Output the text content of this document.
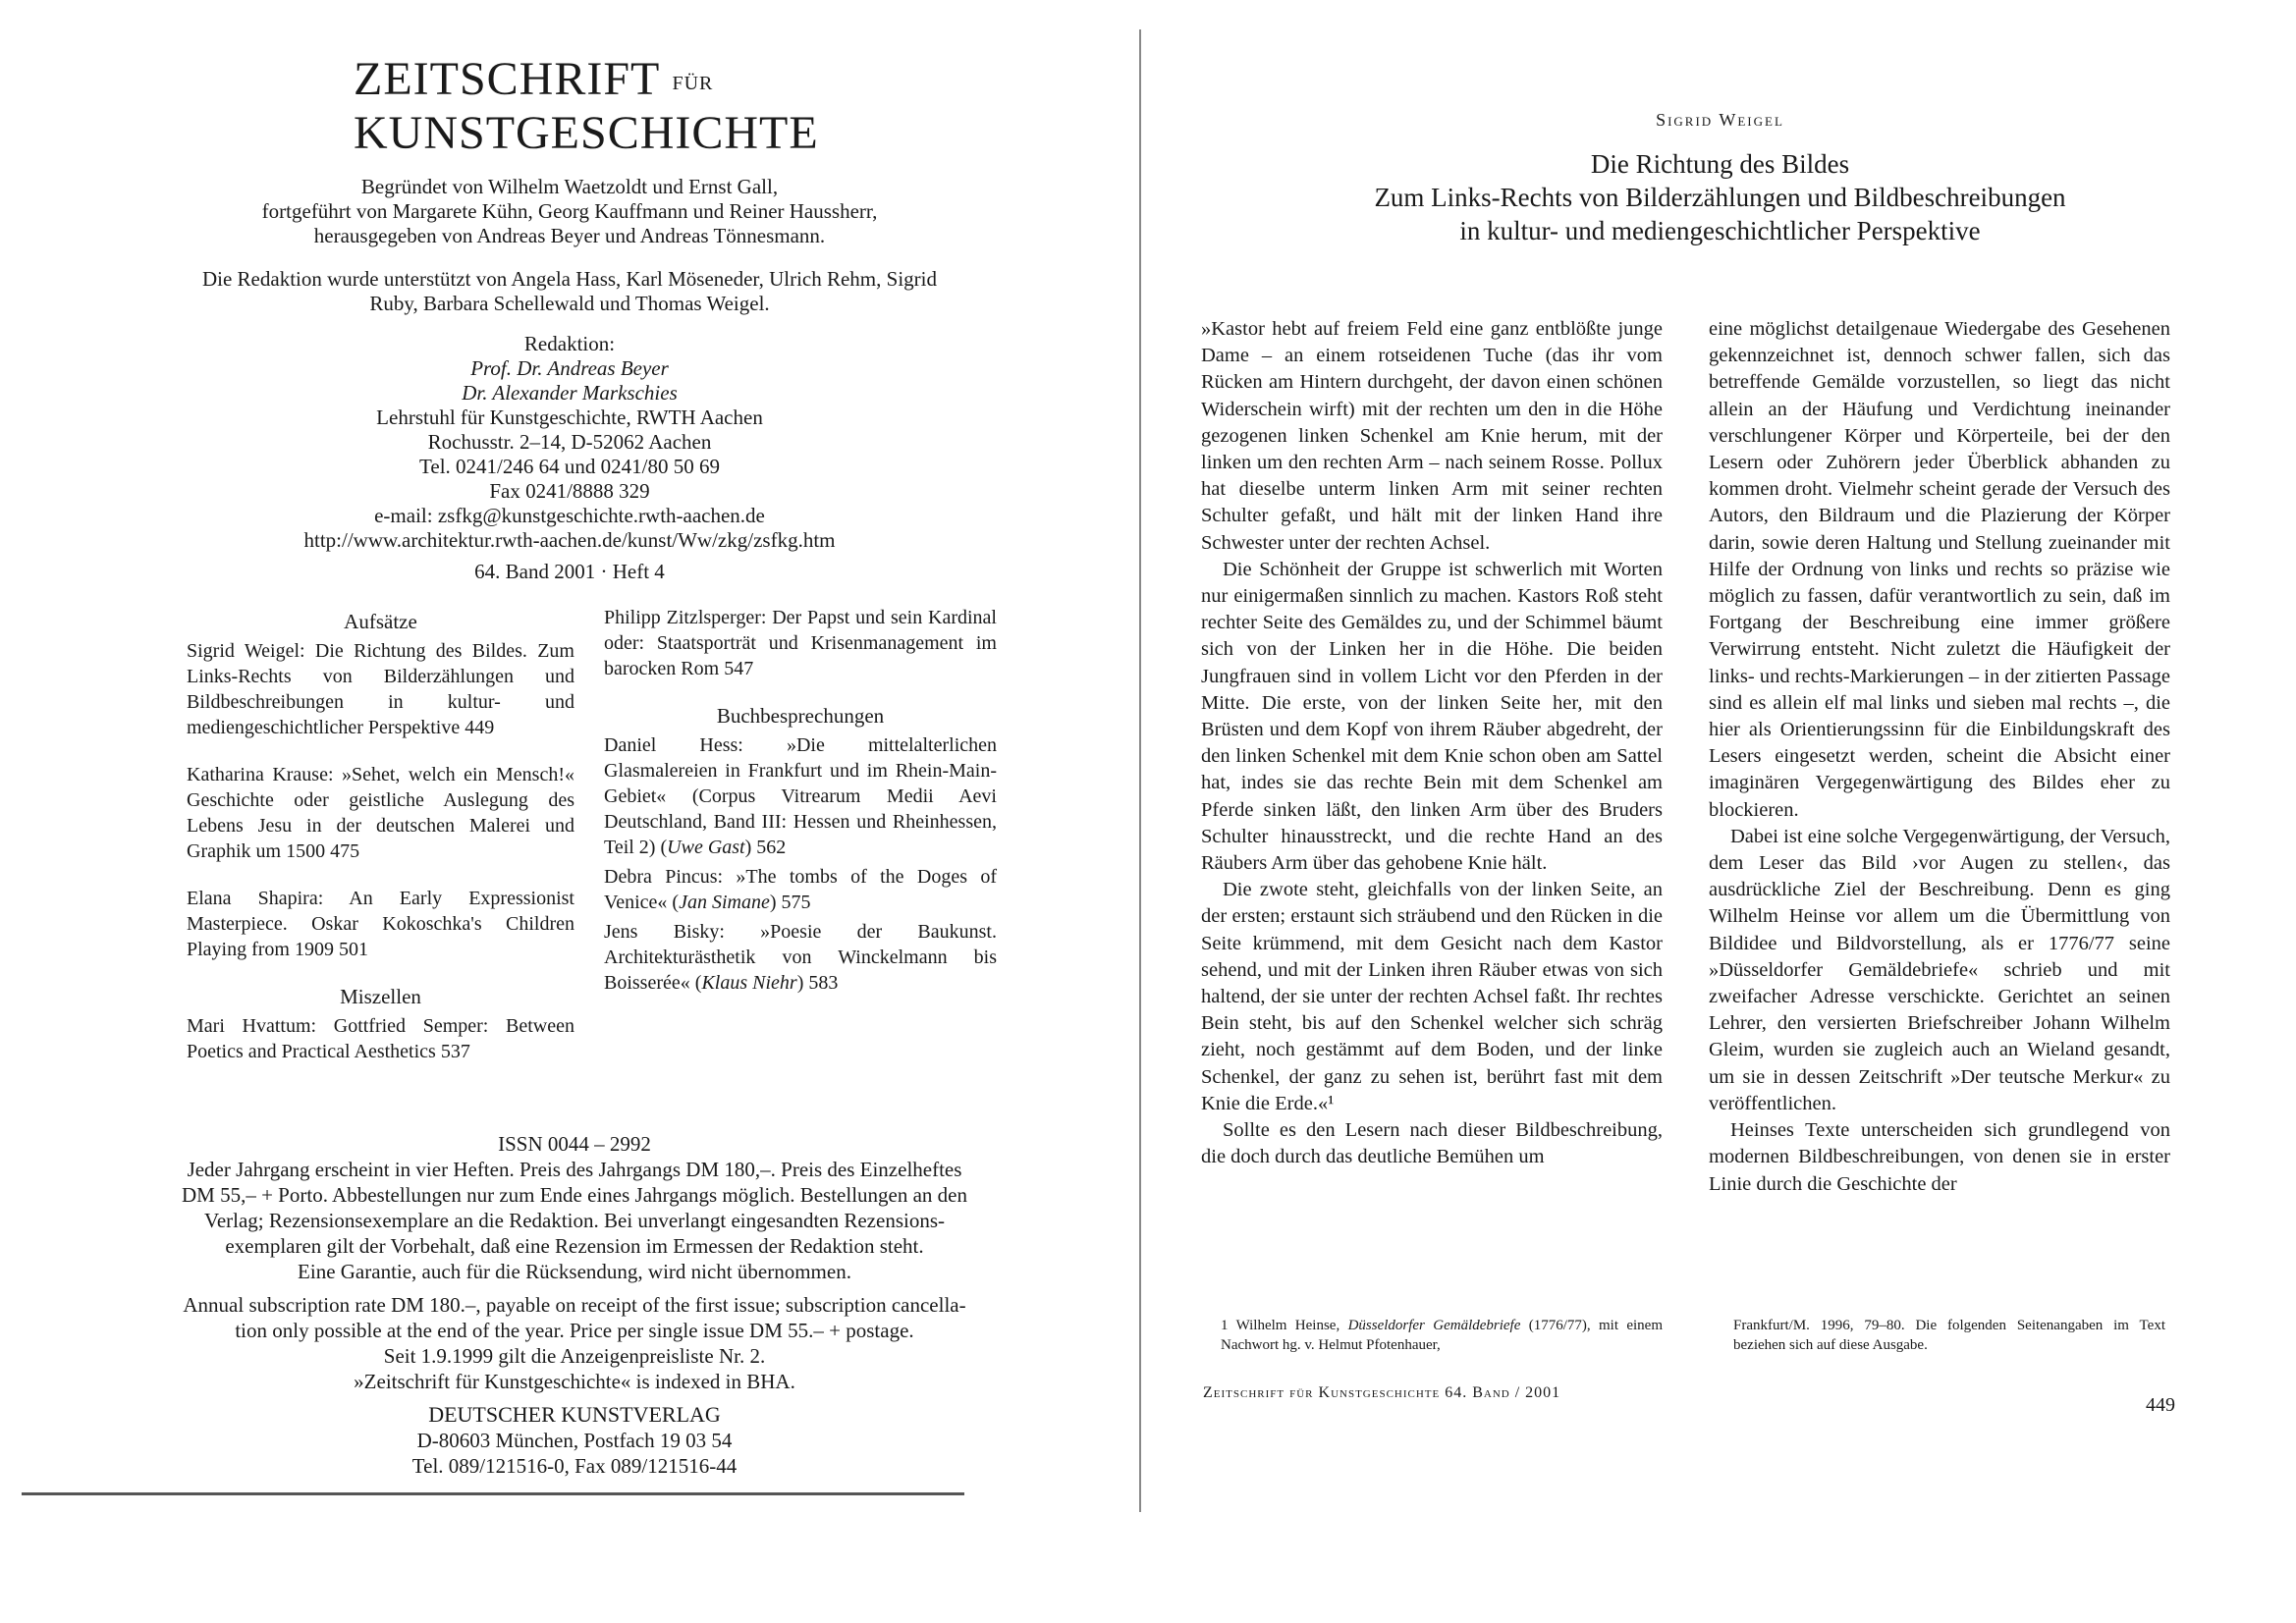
ZEITSCHRIFT FÜR
KUNSTGESCHICHTE
Begründet von Wilhelm Waetzoldt und Ernst Gall,
fortgeführt von Margarete Kühn, Georg Kauffmann und Reiner Haussherr,
herausgegeben von Andreas Beyer und Andreas Tönnesmann.
Die Redaktion wurde unterstützt von Angela Hass, Karl Möseneder, Ulrich Rehm, Sigrid
Ruby, Barbara Schellewald und Thomas Weigel.
Redaktion:
Prof. Dr. Andreas Beyer
Dr. Alexander Markschies
Lehrstuhl für Kunstgeschichte, RWTH Aachen
Rochusstr. 2–14, D-52062 Aachen
Tel. 0241/246 64 und 0241/80 50 69
Fax 0241/8888 329
e-mail: zsfkg@kunstgeschichte.rwth-aachen.de
http://www.architektur.rwth-aachen.de/kunst/Ww/zkg/zsfkg.htm
64. Band 2001 · Heft 4
Aufsätze

Sigrid Weigel: Die Richtung des Bildes. Zum Links-Rechts von Bilderzählungen und Bildbeschreibungen in kultur- und mediengeschichtlicher Perspektive 449

Katharina Krause: »Sehet, welch ein Mensch!« Geschichte oder geistliche Auslegung des Lebens Jesu in der deutschen Malerei und Graphik um 1500 475

Elana Shapira: An Early Expressionist Masterpiece. Oskar Kokoschka's Children Playing from 1909 501

Miszellen

Mari Hvattum: Gottfried Semper: Between Poetics and Practical Aesthetics 537

Philipp Zitzlsperger: Der Papst und sein Kardinal oder: Staatsporträt und Krisenmanagement im barocken Rom 547

Buchbesprechungen

Daniel Hess: »Die mittelalterlichen Glasmalereien in Frankfurt und im Rhein-Main-Gebiet« (Corpus Vitrearum Medii Aevi Deutschland, Band III: Hessen und Rheinhessen, Teil 2) (Uwe Gast) 562

Debra Pincus: »The tombs of the Doges of Venice« (Jan Simane) 575

Jens Bisky: »Poesie der Baukunst. Architekturästhetik von Winckelmann bis Boisserée« (Klaus Niehr) 583

ISSN 0044 – 2992
Jeder Jahrgang erscheint in vier Heften. Preis des Jahrgangs DM 180,–. Preis des Einzelheftes
DM 55,– + Porto. Abbestellungen nur zum Ende eines Jahrgangs möglich. Bestellungen an den
Verlag; Rezensionsexemplare an die Redaktion. Bei unverlangt eingesandten Rezensions-
exemplaren gilt der Vorbehalt, daß eine Rezension im Ermessen der Redaktion steht.
Eine Garantie, auch für die Rücksendung, wird nicht übernommen.
Annual subscription rate DM 180.–, payable on receipt of the first issue; subscription cancella-
tion only possible at the end of the year. Price per single issue DM 55.– + postage.
Seit 1.9.1999 gilt die Anzeigenpreisliste Nr. 2.
»Zeitschrift für Kunstgeschichte« is indexed in BHA.
DEUTSCHER KUNSTVERLAG
D-80603 München, Postfach 19 03 54
Tel. 089/121516-0, Fax 089/121516-44
Sigrid Weigel
Die Richtung des Bildes
Zum Links-Rechts von Bilderzählungen und Bildbeschreibungen
in kultur- und mediengeschichtlicher Perspektive

»Kastor hebt auf freiem Feld eine ganz entblößte junge Dame – an einem rotseidenen Tuche (das ihr vom Rücken am Hintern durchgeht, der davon einen schönen Widerschein wirft) mit der rechten um den in die Höhe gezogenen linken Schenkel am Knie herum, mit der linken um den rechten Arm – nach seinem Rosse. Pollux hat dieselbe unterm linken Arm mit seiner rechten Schulter gefaßt, und hält mit der linken Hand ihre Schwester unter der rechten Achsel.

Die Schönheit der Gruppe ist schwerlich mit Worten nur einigermaßen sinnlich zu machen. Kastors Roß steht rechter Seite des Gemäldes zu, und der Schimmel bäumt sich von der Linken her in die Höhe. Die beiden Jungfrauen sind in vollem Licht vor den Pferden in der Mitte. Die erste, von der linken Seite her, mit den Brüsten und dem Kopf von ihrem Räuber abgedreht, der den linken Schenkel mit dem Knie schon oben am Sattel hat, indes sie das rechte Bein mit dem Schenkel am Pferde sinken läßt, den linken Arm über des Bruders Schulter hinausstreckt, und die rechte Hand an des Räubers Arm über das gehobene Knie hält.

Die zwote steht, gleichfalls von der linken Seite, an der ersten; erstaunt sich sträubend und den Rücken in die Seite krümmend, mit dem Gesicht nach dem Kastor sehend, und mit der Linken ihren Räuber etwas von sich haltend, der sie unter der rechten Achsel faßt. Ihr rechtes Bein steht, bis auf den Schenkel welcher sich schräg zieht, noch gestämmt auf dem Boden, und der linke Schenkel, der ganz zu sehen ist, berührt fast mit dem Knie die Erde.«¹

Sollte es den Lesern nach dieser Bildbeschreibung, die doch durch das deutliche Bemühen um

eine möglichst detailgenaue Wiedergabe des Gesehenen gekennzeichnet ist, dennoch schwer fallen, sich das betreffende Gemälde vorzustellen, so liegt das nicht allein an der Häufung und Verdichtung ineinander verschlungener Körper und Körperteile, bei der den Lesern oder Zuhörern jeder Überblick abhanden zu kommen droht. Vielmehr scheint gerade der Versuch des Autors, den Bildraum und die Plazierung der Körper darin, sowie deren Haltung und Stellung zueinander mit Hilfe der Ordnung von links und rechts so präzise wie möglich zu fassen, dafür verantwortlich zu sein, daß im Fortgang der Beschreibung eine immer größere Verwirrung entsteht. Nicht zuletzt die Häufigkeit der links- und rechts-Markierungen – in der zitierten Passage sind es allein elf mal links und sieben mal rechts –, die hier als Orientierungssinn für die Einbildungskraft des Lesers eingesetzt werden, scheint die Absicht einer imaginären Vergegenwärtigung des Bildes eher zu blockieren.

Dabei ist eine solche Vergegenwärtigung, der Versuch, dem Leser das Bild ›vor Augen zu stellen‹, das ausdrückliche Ziel der Beschreibung. Denn es ging Wilhelm Heinse vor allem um die Übermittlung von Bildidee und Bildvorstellung, als er 1776/77 seine »Düsseldorfer Gemäldebriefe« schrieb und mit zweifacher Adresse verschickte. Gerichtet an seinen Lehrer, den versierten Briefschreiber Johann Wilhelm Gleim, wurden sie zugleich auch an Wieland gesandt, um sie in dessen Zeitschrift »Der teutsche Merkur« zu veröffentlichen.

Heinses Texte unterscheiden sich grundlegend von modernen Bildbeschreibungen, von denen sie in erster Linie durch die Geschichte der

1 Wilhelm Heinse, Düsseldorfer Gemäldebriefe (1776/77), mit einem Nachwort hg. v. Helmut Pfotenhauer,
Frankfurt/M. 1996, 79–80. Die folgenden Seitenangaben im Text beziehen sich auf diese Ausgabe.
Zeitschrift für Kunstgeschichte 64. Band / 2001
449
